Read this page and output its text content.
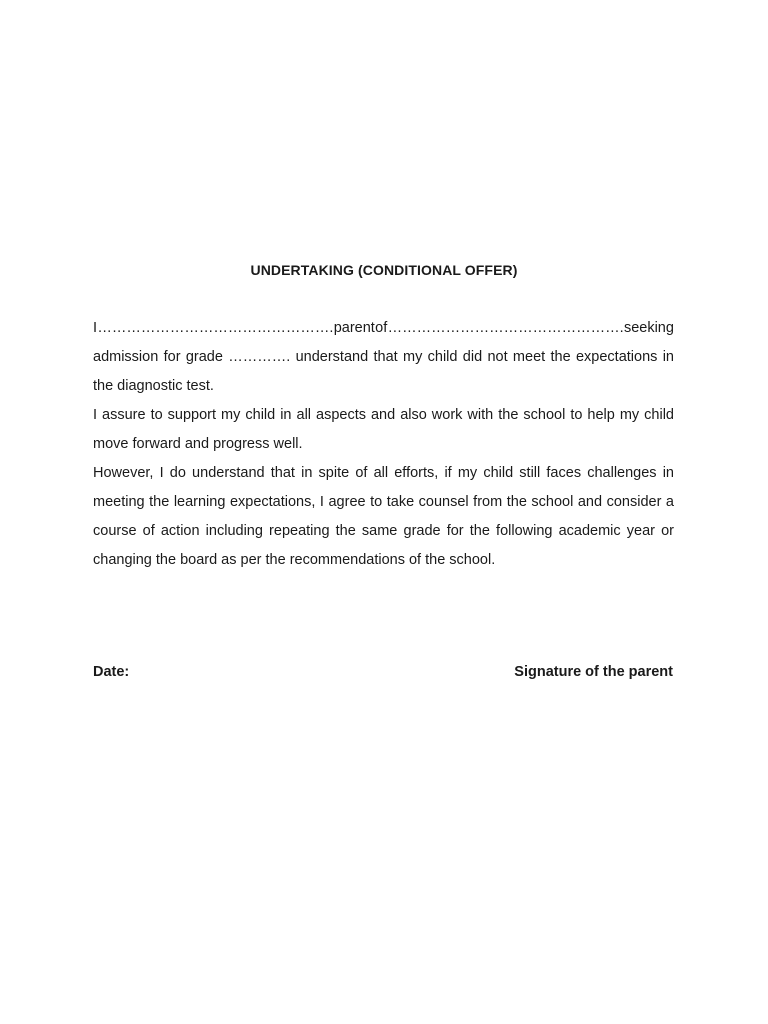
UNDERTAKING (CONDITIONAL OFFER)

I …………………………………………. parent of …………………………………………. seeking
admission for grade …………. understand that my child did not meet the expectations in the diagnostic test.

I assure to support my child in all aspects and also work with the school to help my child move forward and progress well.

However, I do understand that in spite of all efforts, if my child still faces challenges in meeting the learning expectations, I agree to take counsel from the school and consider a course of action including repeating the same grade for the following academic year or changing the board as per the recommendations of the school.

Date:	Signature of the parent
